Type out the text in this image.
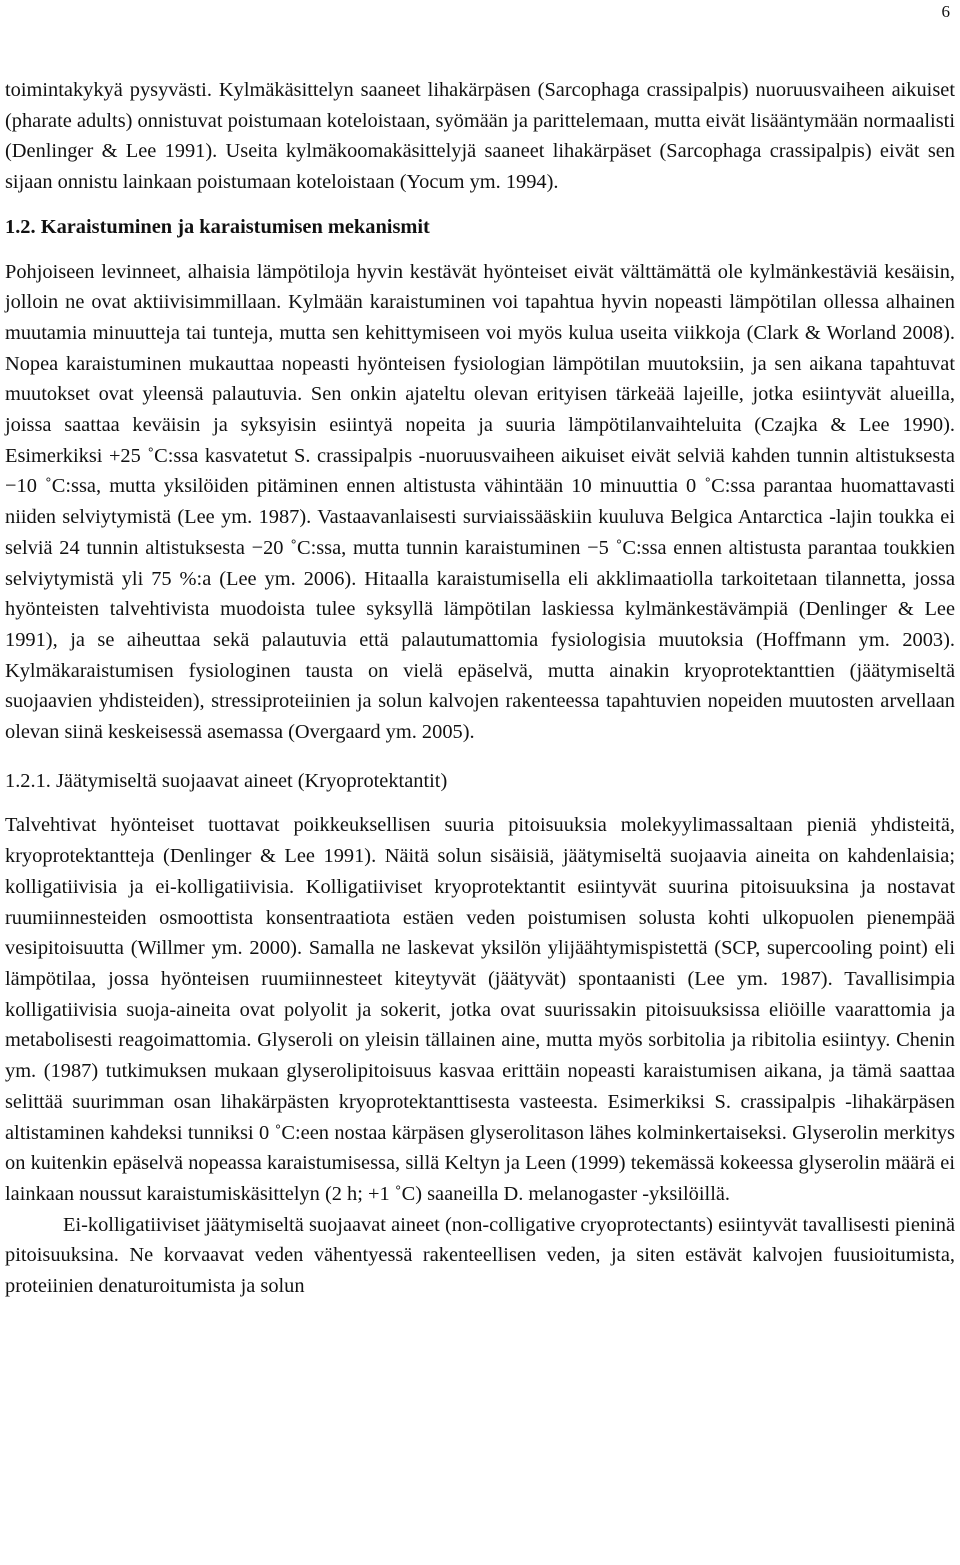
6

toimintakykyä pysyvästi. Kylmäkäsittelyn saaneet lihakärpäsen (Sarcophaga crassipalpis) nuoruusvaiheen aikuiset (pharate adults) onnistuvat poistumaan koteloistaan, syömään ja parittelemaan, mutta eivät lisääntymään normaalisti (Denlinger & Lee 1991). Useita kylmäkoomakäsittelyjä saaneet lihakärpäset (Sarcophaga crassipalpis) eivät sen sijaan onnistu lainkaan poistumaan koteloistaan (Yocum ym. 1994).

1.2. Karaistuminen ja karaistumisen mekanismit

Pohjoiseen levinneet, alhaisia lämpötiloja hyvin kestävät hyönteiset eivät välttämättä ole kylmänkestäviä kesäisin, jolloin ne ovat aktiivisimmillaan. Kylmään karaistuminen voi tapahtua hyvin nopeasti lämpötilan ollessa alhainen muutamia minuutteja tai tunteja, mutta sen kehittymiseen voi myös kulua useita viikkoja (Clark & Worland 2008). Nopea karaistuminen mukauttaa nopeasti hyönteisen fysiologian lämpötilan muutoksiin, ja sen aikana tapahtuvat muutokset ovat yleensä palautuvia. Sen onkin ajateltu olevan erityisen tärkeää lajeille, jotka esiintyvät alueilla, joissa saattaa keväisin ja syksyisin esiintyä nopeita ja suuria lämpötilanvaihteluita (Czajka & Lee 1990). Esimerkiksi +25 ˚C:ssa kasvatetut S. crassipalpis -nuoruusvaiheen aikuiset eivät selviä kahden tunnin altistuksesta −10 ˚C:ssa, mutta yksilöiden pitäminen ennen altistusta vähintään 10 minuuttia 0 ˚C:ssa parantaa huomattavasti niiden selviytymistä (Lee ym. 1987). Vastaavanlaisesti surviaissääskiin kuuluva Belgica Antarctica -lajin toukka ei selviä 24 tunnin altistuksesta −20 ˚C:ssa, mutta tunnin karaistuminen −5 ˚C:ssa ennen altistusta parantaa toukkien selviytymistä yli 75 %:a (Lee ym. 2006). Hitaalla karaistumisella eli akklimaatiolla tarkoitetaan tilannetta, jossa hyönteisten talvehtivista muodoista tulee syksyllä lämpötilan laskiessa kylmänkestävämpiä (Denlinger & Lee 1991), ja se aiheuttaa sekä palautuvia että palautumattomia fysiologisia muutoksia (Hoffmann ym. 2003). Kylmäkaraistumisen fysiologinen tausta on vielä epäselvä, mutta ainakin kryoprotektanttien (jäätymiseltä suojaavien yhdisteiden), stressiproteiinien ja solun kalvojen rakenteessa tapahtuvien nopeiden muutosten arvellaan olevan siinä keskeisessä asemassa (Overgaard ym. 2005).

1.2.1. Jäätymiseltä suojaavat aineet (Kryoprotektantit)

Talvehtivat hyönteiset tuottavat poikkeuksellisen suuria pitoisuuksia molekyylimassaltaan pieniä yhdisteitä, kryoprotektantteja (Denlinger & Lee 1991). Näitä solun sisäisiä, jäätymiseltä suojaavia aineita on kahdenlaisia; kolligatiivisia ja ei-kolligatiivisia. Kolligatiiviset kryoprotektantit esiintyvät suurina pitoisuuksina ja nostavat ruumiinnesteiden osmoottista konsentraatiota estäen veden poistumisen solusta kohti ulkopuolen pienempää vesipitoisuutta (Willmer ym. 2000). Samalla ne laskevat yksilön ylijäähtymispistettä (SCP, supercooling point) eli lämpötilaa, jossa hyönteisen ruumiinnesteet kiteytyvät (jäätyvät) spontaanisti (Lee ym. 1987). Tavallisimpia kolligatiivisia suoja-aineita ovat polyolit ja sokerit, jotka ovat suurissakin pitoisuuksissa eliöille vaarattomia ja metabolisesti reagoimattomia. Glyseroli on yleisin tällainen aine, mutta myös sorbitolia ja ribitolia esiintyy. Chenin ym. (1987) tutkimuksen mukaan glyserolipitoisuus kasvaa erittäin nopeasti karaistumisen aikana, ja tämä saattaa selittää suurimman osan lihakärpästen kryoprotektanttisesta vasteesta. Esimerkiksi S. crassipalpis -lihakärpäsen altistaminen kahdeksi tunniksi 0 ˚C:een nostaa kärpäsen glyserolitason lähes kolminkertaiseksi. Glyserolin merkitys on kuitenkin epäselvä nopeassa karaistumisessa, sillä Keltyn ja Leen (1999) tekemässä kokeessa glyserolin määrä ei lainkaan noussut karaistumiskäsittelyn (2 h; +1 ˚C) saaneilla D. melanogaster -yksilöillä.

Ei-kolligatiiviset jäätymiseltä suojaavat aineet (non-colligative cryoprotectants) esiintyvät tavallisesti pieninä pitoisuuksina. Ne korvaavat veden vähentyessä rakenteellisen veden, ja siten estävät kalvojen fuusioitumista, proteiinien denaturoitumista ja solun
